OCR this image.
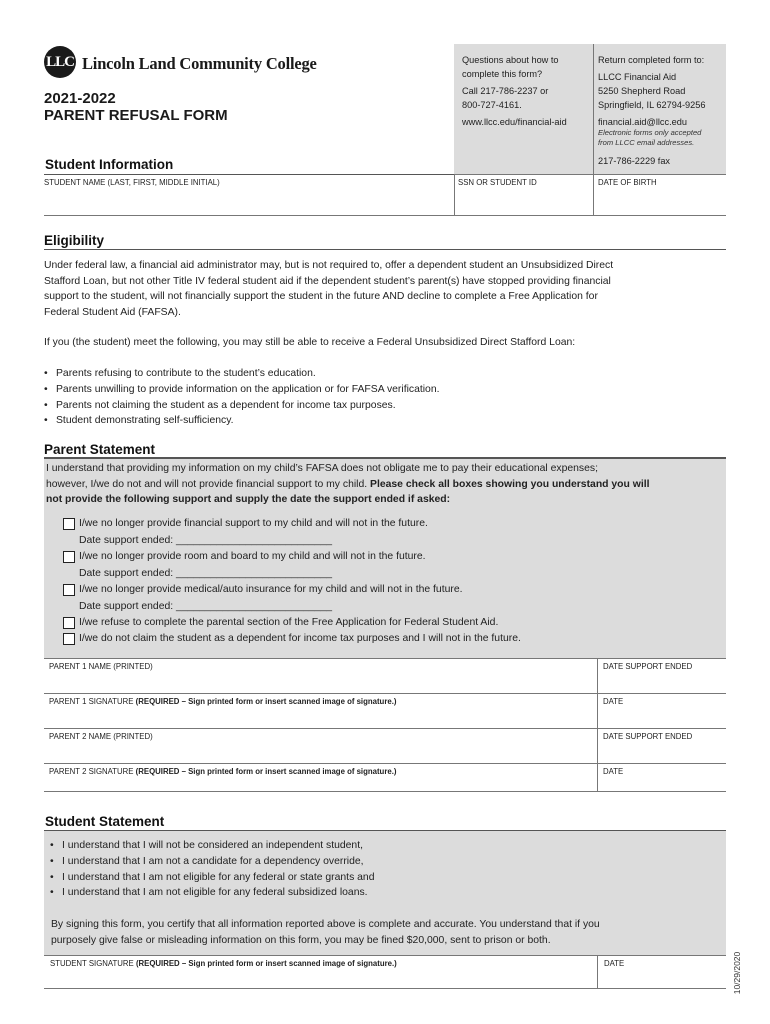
LLC Lincoln Land Community College
2021-2022
PARENT REFUSAL FORM
Questions about how to
complete this form?
Call 217-786-2237 or
800-727-4161.
www.llcc.edu/financial-aid
Return completed form to:
LLCC Financial Aid
5250 Shepherd Road
Springfield, IL 62794-9256
financial.aid@llcc.edu
Electronic forms only accepted
from LLCC email addresses.
217-786-2229 fax
Student Information
STUDENT NAME (LAST, FIRST, MIDDLE INITIAL)	SSN OR STUDENT ID	DATE OF BIRTH
Eligibility
Under federal law, a financial aid administrator may, but is not required to, offer a dependent student an Unsubsidized Direct
Stafford Loan, but not other Title IV federal student aid if the dependent student’s parent(s) have stopped providing financial
support to the student, will not financially support the student in the future AND decline to complete a Free Application for
Federal Student Aid (FAFSA).
If you (the student) meet the following, you may still be able to receive a Federal Unsubsidized Direct Stafford Loan:
• Parents refusing to contribute to the student’s education.
• Parents unwilling to provide information on the application or for FAFSA verification.
• Parents not claiming the student as a dependent for income tax purposes.
• Student demonstrating self-sufficiency.
Parent Statement
I understand that providing my information on my child’s FAFSA does not obligate me to pay their educational expenses;
however, I/we do not and will not provide financial support to my child. Please check all boxes showing you understand you will
not provide the following support and supply the date the support ended if asked:
I/we no longer provide financial support to my child and will not in the future.
Date support ended: ___________________________
I/we no longer provide room and board to my child and will not in the future.
Date support ended: ___________________________
I/we no longer provide medical/auto insurance for my child and will not in the future.
Date support ended: ___________________________
I/we refuse to complete the parental section of the Free Application for Federal Student Aid.
I/we do not claim the student as a dependent for income tax purposes and I will not in the future.
PARENT 1 NAME (PRINTED)	DATE SUPPORT ENDED
PARENT 1 SIGNATURE (REQUIRED – Sign printed form or insert scanned image of signature.)	DATE
PARENT 2 NAME (PRINTED)	DATE SUPPORT ENDED
PARENT 2 SIGNATURE (REQUIRED – Sign printed form or insert scanned image of signature.)	DATE
Student Statement
• I understand that I will not be considered an independent student,
• I understand that I am not a candidate for a dependency override,
• I understand that I am not eligible for any federal or state grants and
• I understand that I am not eligible for any federal subsidized loans.
By signing this form, you certify that all information reported above is complete and accurate. You understand that if you
purposely give false or misleading information on this form, you may be fined $20,000, sent to prison or both.
STUDENT SIGNATURE (REQUIRED – Sign printed form or insert scanned image of signature.)	DATE	10/29/2020
